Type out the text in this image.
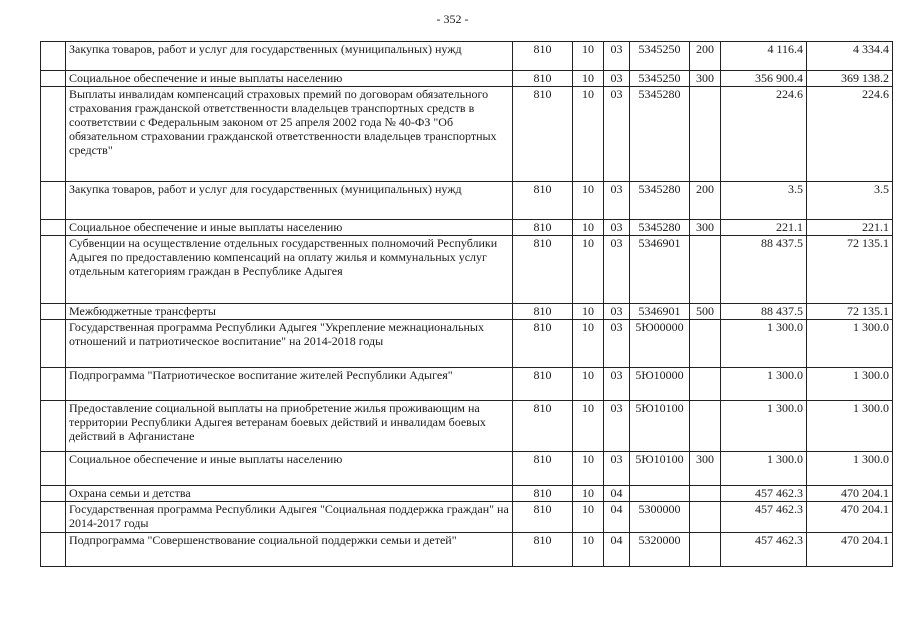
- 352 -
	Закупка товаров, работ и услуг для государственных (муниципальных) нужд	810	10	03	5345250	200	4 116.4	4 334.4
	Социальное обеспечение и иные выплаты населению	810	10	03	5345250	300	356 900.4	369 138.2
	Выплаты инвалидам компенсаций страховых премий по договорам обязательного страхования гражданской ответственности владельцев транспортных средств в соответствии с Федеральным законом от 25 апреля 2002 года № 40-ФЗ "Об обязательном страховании гражданской ответственности владельцев транспортных средств"	810	10	03	5345280		224.6	224.6
	Закупка товаров, работ и услуг для государственных (муниципальных) нужд	810	10	03	5345280	200	3.5	3.5
	Социальное обеспечение и иные выплаты населению	810	10	03	5345280	300	221.1	221.1
	Субвенции на осуществление отдельных государственных полномочий Республики Адыгея по предоставлению компенсаций на оплату жилья и коммунальных услуг отдельным категориям граждан в Республике Адыгея	810	10	03	5346901		88 437.5	72 135.1
	Межбюджетные трансферты	810	10	03	5346901	500	88 437.5	72 135.1
	Государственная программа Республики Адыгея "Укрепление межнациональных отношений и патриотическое воспитание" на 2014-2018 годы	810	10	03	5Ю00000		1 300.0	1 300.0
	Подпрограмма "Патриотическое воспитание жителей Республики Адыгея"	810	10	03	5Ю10000		1 300.0	1 300.0
	Предоставление социальной выплаты на приобретение жилья проживающим на территории Республики Адыгея ветеранам боевых действий и инвалидам боевых действий в Афганистане	810	10	03	5Ю10100		1 300.0	1 300.0
	Социальное обеспечение и иные выплаты населению	810	10	03	5Ю10100	300	1 300.0	1 300.0
	Охрана семьи и детства	810	10	04			457 462.3	470 204.1
	Государственная программа Республики Адыгея "Социальная поддержка граждан" на 2014-2017 годы	810	10	04	5300000		457 462.3	470 204.1
	Подпрограмма "Совершенствование социальной поддержки семьи и детей"	810	10	04	5320000		457 462.3	470 204.1
